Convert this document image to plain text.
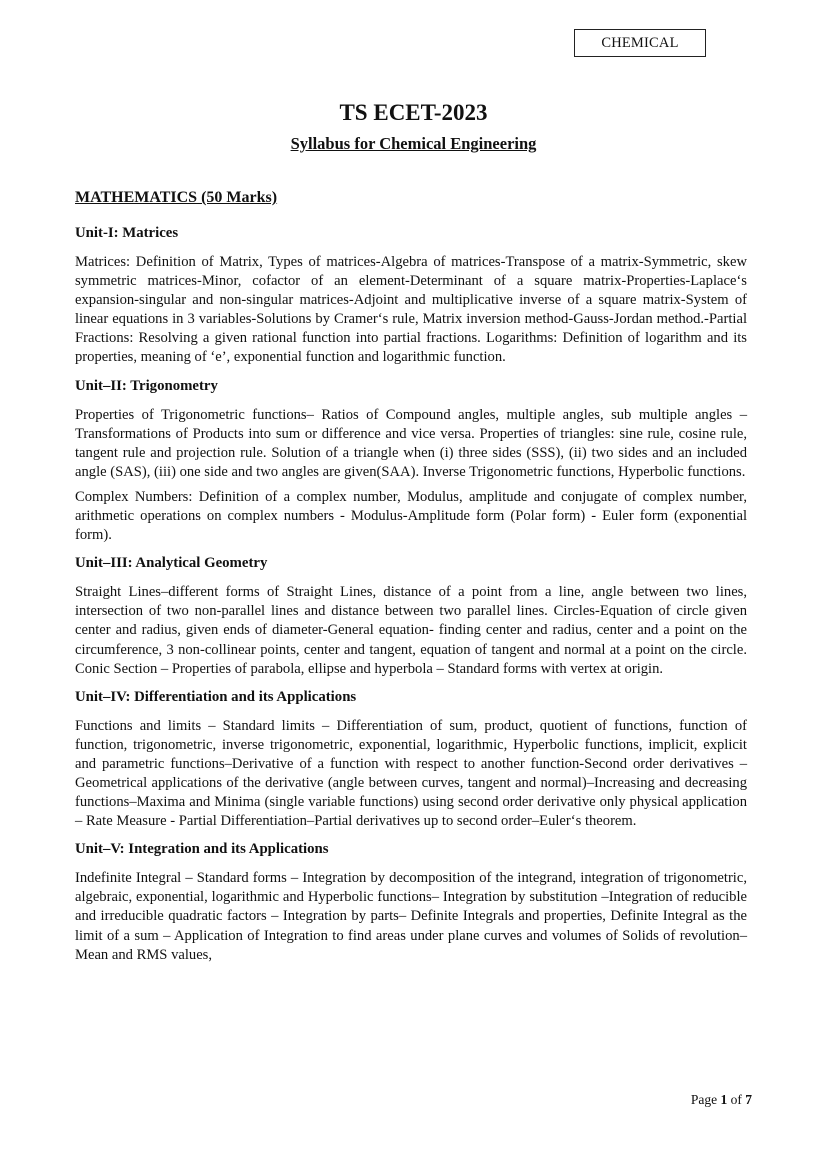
CHEMICAL
TS ECET-2023
Syllabus for Chemical Engineering
MATHEMATICS (50 Marks)
Unit-I: Matrices

Matrices: Definition of Matrix, Types of matrices-Algebra of matrices-Transpose of a matrix-Symmetric, skew symmetric matrices-Minor, cofactor of an element-Determinant of a square matrix-Properties-Laplace‘s expansion-singular and non-singular matrices-Adjoint and multiplicative inverse of a square matrix-System of linear equations in 3 variables-Solutions by Cramer‘s rule, Matrix inversion method-Gauss-Jordan method.-Partial Fractions: Resolving a given rational function into partial fractions. Logarithms: Definition of logarithm and its properties, meaning of ‘e’, exponential function and logarithmic function.

Unit–II: Trigonometry

Properties of Trigonometric functions– Ratios of Compound angles, multiple angles, sub multiple angles – Transformations of Products into sum or difference and vice versa. Properties of triangles: sine rule, cosine rule, tangent rule and projection rule. Solution of a triangle when (i) three sides (SSS), (ii) two sides and an included angle (SAS), (iii) one side and two angles are given(SAA). Inverse Trigonometric functions, Hyperbolic functions.

Complex Numbers: Definition of a complex number, Modulus, amplitude and conjugate of complex number, arithmetic operations on complex numbers - Modulus-Amplitude form (Polar form) - Euler form (exponential form).

Unit–III: Analytical Geometry

Straight Lines–different forms of Straight Lines, distance of a point from a line, angle between two lines, intersection of two non-parallel lines and distance between two parallel lines. Circles-Equation of circle given center and radius, given ends of diameter-General equation- finding center and radius, center and a point on the circumference, 3 non-collinear points, center and tangent, equation of tangent and normal at a point on the circle. Conic Section – Properties of parabola, ellipse and hyperbola – Standard forms with vertex at origin.

Unit–IV: Differentiation and its Applications

Functions and limits – Standard limits – Differentiation of sum, product, quotient of functions, function of function, trigonometric, inverse trigonometric, exponential, logarithmic, Hyperbolic functions, implicit, explicit and parametric functions–Derivative of a function with respect to another function-Second order derivatives – Geometrical applications of the derivative (angle between curves, tangent and normal)–Increasing and decreasing functions–Maxima and Minima (single variable functions) using second order derivative only physical application – Rate Measure - Partial Differentiation–Partial derivatives up to second order–Euler‘s theorem.

Unit–V: Integration and its Applications

Indefinite Integral – Standard forms – Integration by decomposition of the integrand, integration of trigonometric, algebraic, exponential, logarithmic and Hyperbolic functions– Integration by substitution –Integration of reducible and irreducible quadratic factors – Integration by parts– Definite Integrals and properties, Definite Integral as the limit of a sum – Application of Integration to find areas under plane curves and volumes of Solids of revolution– Mean and RMS values,

Page 1 of 7
